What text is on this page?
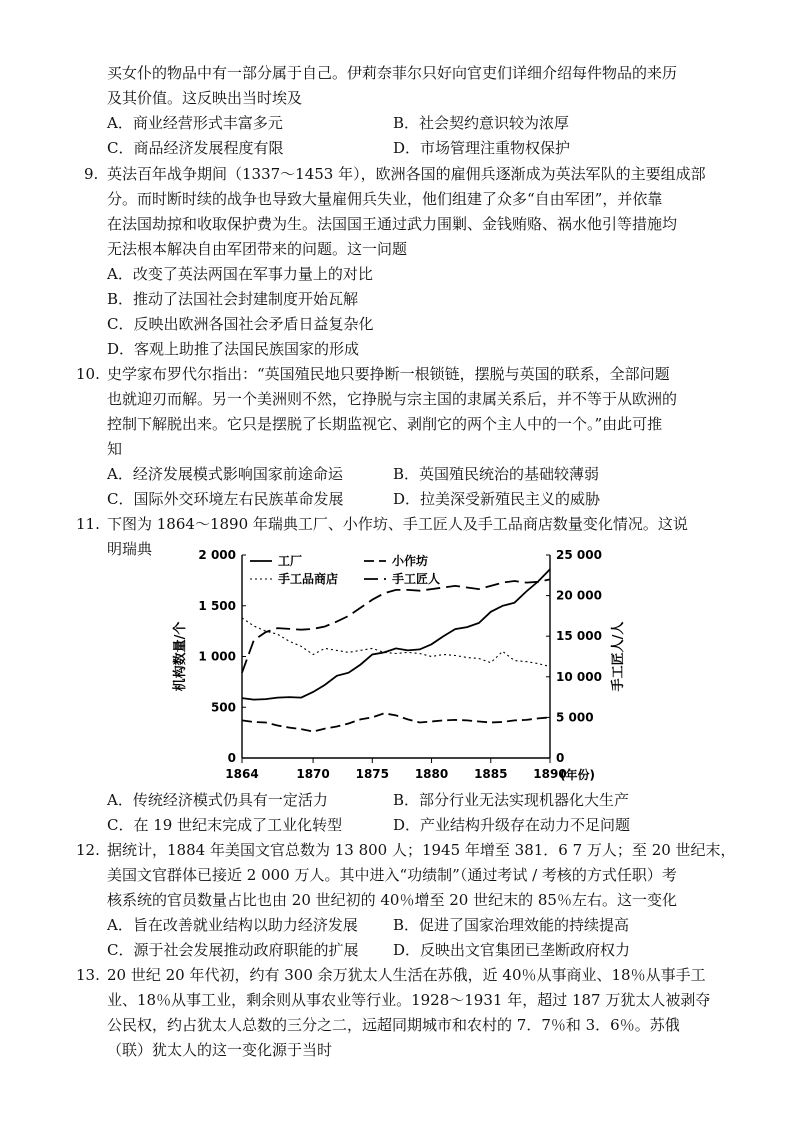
买女仆的物品中有一部分属于自己。伊莉奈菲尔只好向官吏们详细介绍每件物品的来历
及其价值。这反映出当时埃及
A．商业经营形式丰富多元	B．社会契约意识较为浓厚
C．商品经济发展程度有限	D．市场管理注重物权保护
9. 英法百年战争期间（1337～1453 年），欧洲各国的雇佣兵逐渐成为英法军队的主要组成部
分。而时断时续的战争也导致大量雇佣兵失业，他们组建了众多“自由军团”，并依靠
在法国劫掠和收取保护费为生。法国国王通过武力围剿、金钱贿赂、祸水他引等措施均
无法根本解决自由军团带来的问题。这一问题
A．改变了英法两国在军事力量上的对比
B．推动了法国社会封建制度开始瓦解
C．反映出欧洲各国社会矛盾日益复杂化
D．客观上助推了法国民族国家的形成
10. 史学家布罗代尔指出：“英国殖民地只要挣断一根锁链，摆脱与英国的联系，全部问题
也就迎刃而解。另一个美洲则不然，它挣脱与宗主国的隶属关系后，并不等于从欧洲的
控制下解脱出来。它只是摆脱了长期监视它、剥削它的两个主人中的一个。”由此可推
知
A．经济发展模式影响国家前途命运	B．英国殖民统治的基础较薄弱
C．国际外交环境左右民族革命发展	D．拉美深受新殖民主义的威胁
11. 下图为 1864～1890 年瑞典工厂、小作坊、手工匠人及手工品商店数量变化情况。这说
明瑞典
0
500
1 000
1 500
2 000
0
5 000
10 000
15 000
20 000
25 000
1864	1870 1875 1880 1885 1890
(年份)
机构数量/个	手工匠人/人
工厂	小作坊
手工品商店	手工匠人
A．传统经济模式仍具有一定活力	B．部分行业无法实现机器化大生产
C．在 19 世纪末完成了工业化转型	D．产业结构升级存在动力不足问题
12. 据统计，1884 年美国文官总数为 13 800 人；1945 年增至 381．6 7 万人；至 20 世纪末，
美国文官群体已接近 2 000 万人。其中进入“功绩制”（通过考试 / 考核的方式任职）考
核系统的官员数量占比也由 20 世纪初的 40％增至 20 世纪末的 85％左右。这一变化
A．旨在改善就业结构以助力经济发展 B．促进了国家治理效能的持续提高
C．源于社会发展推动政府职能的扩展 D．反映出文官集团已垄断政府权力
13. 20 世纪 20 年代初，约有 300 余万犹太人生活在苏俄，近 40％从事商业、18％从事手工
业、18％从事工业，剩余则从事农业等行业。1928～1931 年，超过 187 万犹太人被剥夺
公民权，约占犹太人总数的三分之二，远超同期城市和农村的 7．7％和 3．6％。苏俄
（联）犹太人的这一变化源于当时
